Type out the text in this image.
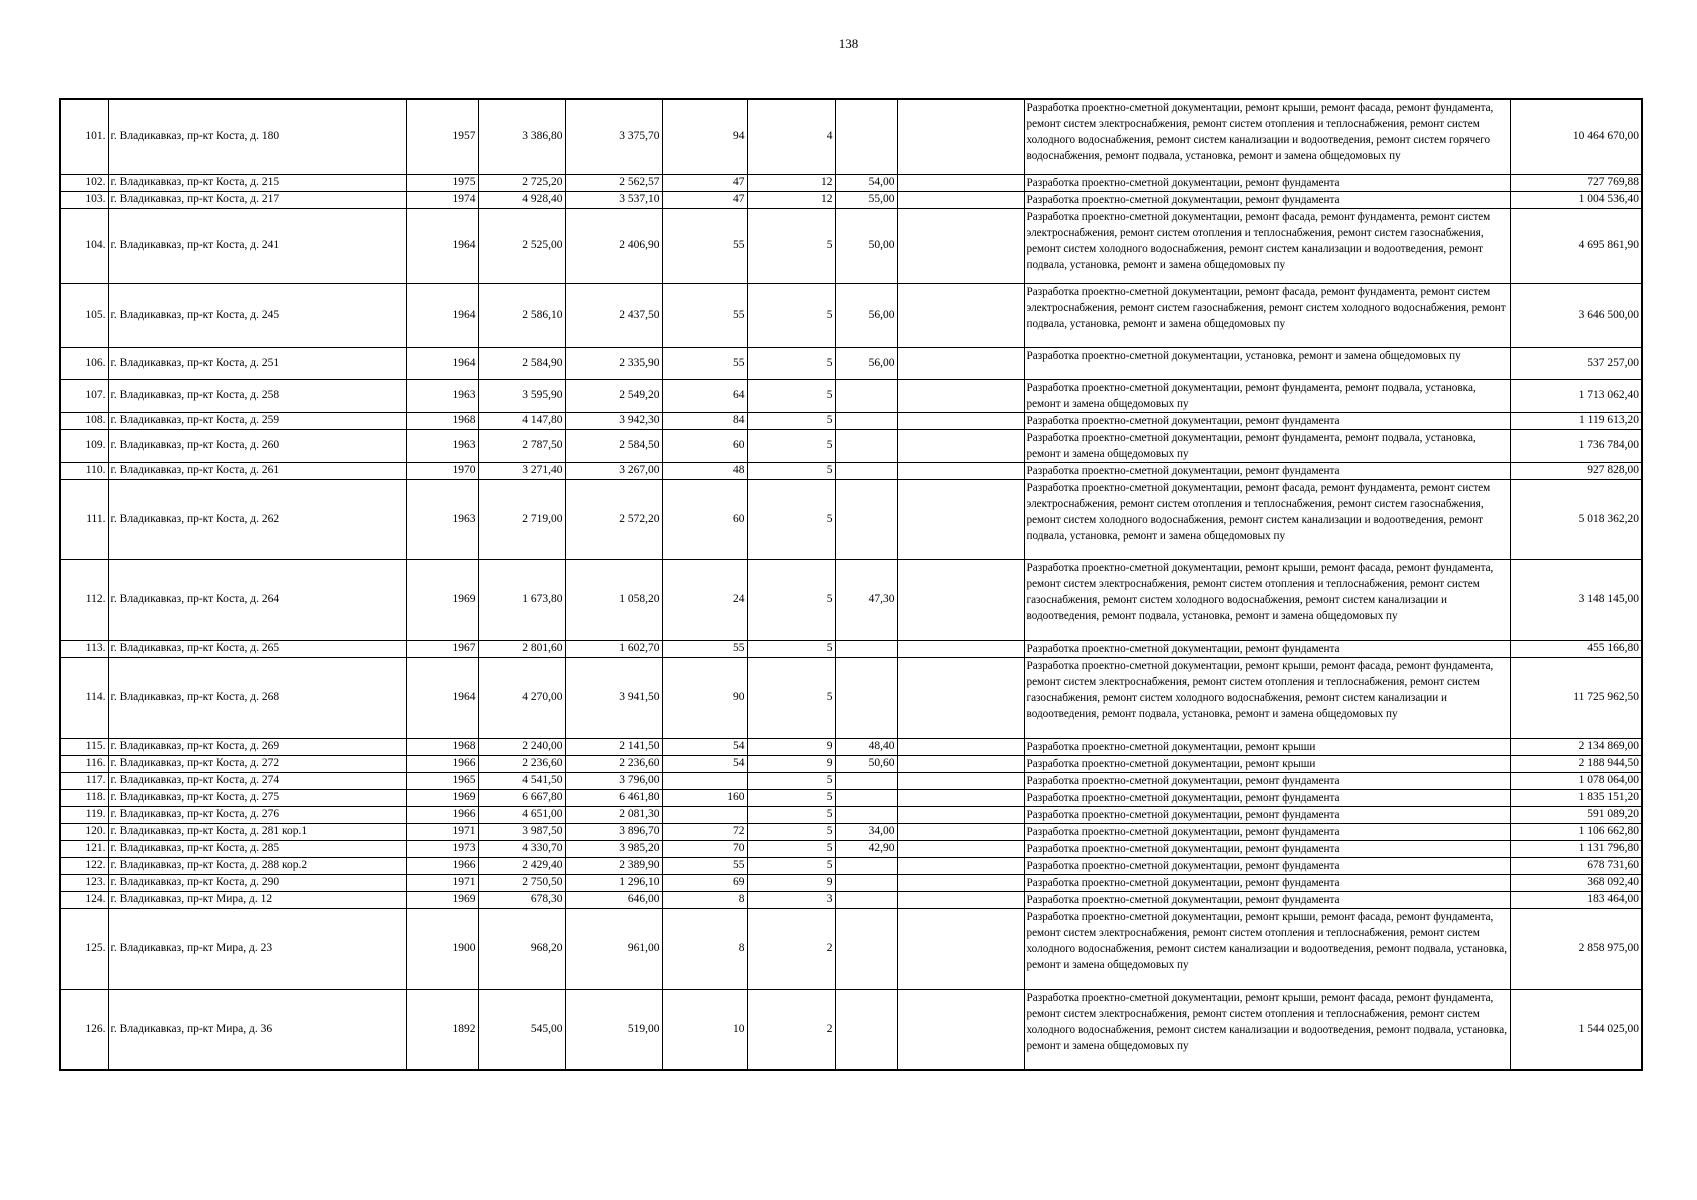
138
101.	г. Владикавказ, пр-кт Коста, д. 180	1957	3 386,80	3 375,70	94	4			Разработка проектно-сметной документации, ремонт крыши, ремонт фасада, ремонт фундамента, ремонт систем электроснабжения, ремонт систем отопления и теплоснабжения, ремонт систем холодного водоснабжения, ремонт систем канализации и водоотведения, ремонт систем горячего водоснабжения, ремонт подвала, установка, ремонт и замена общедомовых пу	10 464 670,00
102.	г. Владикавказ, пр-кт Коста, д. 215	1975	2 725,20	2 562,57	47	12	54,00		Разработка проектно-сметной документации, ремонт фундамента	727 769,88
103.	г. Владикавказ, пр-кт Коста, д. 217	1974	4 928,40	3 537,10	47	12	55,00		Разработка проектно-сметной документации, ремонт фундамента	1 004 536,40
104.	г. Владикавказ, пр-кт Коста, д. 241	1964	2 525,00	2 406,90	55	5	50,00		Разработка проектно-сметной документации, ремонт фасада, ремонт фундамента, ремонт систем электроснабжения, ремонт систем отопления и теплоснабжения, ремонт систем газоснабжения, ремонт систем холодного водоснабжения, ремонт систем канализации и водоотведения, ремонт подвала, установка, ремонт и замена общедомовых пу	4 695 861,90
105.	г. Владикавказ, пр-кт Коста, д. 245	1964	2 586,10	2 437,50	55	5	56,00		Разработка проектно-сметной документации, ремонт фасада, ремонт фундамента, ремонт систем электроснабжения, ремонт систем газоснабжения, ремонт систем холодного водоснабжения, ремонт подвала, установка, ремонт и замена общедомовых пу	3 646 500,00
106.	г. Владикавказ, пр-кт Коста, д. 251	1964	2 584,90	2 335,90	55	5	56,00		Разработка проектно-сметной документации, установка, ремонт и замена общедомовых пу	537 257,00
107.	г. Владикавказ, пр-кт Коста, д. 258	1963	3 595,90	2 549,20	64	5			Разработка проектно-сметной документации, ремонт фундамента, ремонт подвала, установка, ремонт и замена общедомовых пу	1 713 062,40
108.	г. Владикавказ, пр-кт Коста, д. 259	1968	4 147,80	3 942,30	84	5			Разработка проектно-сметной документации, ремонт фундамента	1 119 613,20
109.	г. Владикавказ, пр-кт Коста, д. 260	1963	2 787,50	2 584,50	60	5			Разработка проектно-сметной документации, ремонт фундамента, ремонт подвала, установка, ремонт и замена общедомовых пу	1 736 784,00
110.	г. Владикавказ, пр-кт Коста, д. 261	1970	3 271,40	3 267,00	48	5			Разработка проектно-сметной документации, ремонт фундамента	927 828,00
111.	г. Владикавказ, пр-кт Коста, д. 262	1963	2 719,00	2 572,20	60	5			Разработка проектно-сметной документации, ремонт фасада, ремонт фундамента, ремонт систем электроснабжения, ремонт систем отопления и теплоснабжения, ремонт систем газоснабжения, ремонт систем холодного водоснабжения, ремонт систем канализации и водоотведения, ремонт подвала, установка, ремонт и замена общедомовых пу	5 018 362,20
112.	г. Владикавказ, пр-кт Коста, д. 264	1969	1 673,80	1 058,20	24	5	47,30		Разработка проектно-сметной документации, ремонт крыши, ремонт фасада, ремонт фундамента, ремонт систем электроснабжения, ремонт систем отопления и теплоснабжения, ремонт систем газоснабжения, ремонт систем холодного водоснабжения, ремонт систем канализации и водоотведения, ремонт подвала, установка, ремонт и замена общедомовых пу	3 148 145,00
113.	г. Владикавказ, пр-кт Коста, д. 265	1967	2 801,60	1 602,70	55	5			Разработка проектно-сметной документации, ремонт фундамента	455 166,80
114.	г. Владикавказ, пр-кт Коста, д. 268	1964	4 270,00	3 941,50	90	5			Разработка проектно-сметной документации, ремонт крыши, ремонт фасада, ремонт фундамента, ремонт систем электроснабжения, ремонт систем отопления и теплоснабжения, ремонт систем газоснабжения, ремонт систем холодного водоснабжения, ремонт систем канализации и водоотведения, ремонт подвала, установка, ремонт и замена общедомовых пу	11 725 962,50
115.	г. Владикавказ, пр-кт Коста, д. 269	1968	2 240,00	2 141,50	54	9	48,40		Разработка проектно-сметной документации, ремонт крыши	2 134 869,00
116.	г. Владикавказ, пр-кт Коста, д. 272	1966	2 236,60	2 236,60	54	9	50,60		Разработка проектно-сметной документации, ремонт крыши	2 188 944,50
117.	г. Владикавказ, пр-кт Коста, д. 274	1965	4 541,50	3 796,00		5			Разработка проектно-сметной документации, ремонт фундамента	1 078 064,00
118.	г. Владикавказ, пр-кт Коста, д. 275	1969	6 667,80	6 461,80	160	5			Разработка проектно-сметной документации, ремонт фундамента	1 835 151,20
119.	г. Владикавказ, пр-кт Коста, д. 276	1966	4 651,00	2 081,30		5			Разработка проектно-сметной документации, ремонт фундамента	591 089,20
120.	г. Владикавказ, пр-кт Коста, д. 281 кор.1	1971	3 987,50	3 896,70	72	5	34,00		Разработка проектно-сметной документации, ремонт фундамента	1 106 662,80
121.	г. Владикавказ, пр-кт Коста, д. 285	1973	4 330,70	3 985,20	70	5	42,90		Разработка проектно-сметной документации, ремонт фундамента	1 131 796,80
122.	г. Владикавказ, пр-кт Коста, д. 288 кор.2	1966	2 429,40	2 389,90	55	5			Разработка проектно-сметной документации, ремонт фундамента	678 731,60
123.	г. Владикавказ, пр-кт Коста, д. 290	1971	2 750,50	1 296,10	69	9			Разработка проектно-сметной документации, ремонт фундамента	368 092,40
124.	г. Владикавказ, пр-кт Мира, д. 12	1969	678,30	646,00	8	3			Разработка проектно-сметной документации, ремонт фундамента	183 464,00
125.	г. Владикавказ, пр-кт Мира, д. 23	1900	968,20	961,00	8	2			Разработка проектно-сметной документации, ремонт крыши, ремонт фасада, ремонт фундамента, ремонт систем электроснабжения, ремонт систем отопления и теплоснабжения, ремонт систем холодного водоснабжения, ремонт систем канализации и водоотведения, ремонт подвала, установка, ремонт и замена общедомовых пу	2 858 975,00
126.	г. Владикавказ, пр-кт Мира, д. 36	1892	545,00	519,00	10	2			Разработка проектно-сметной документации, ремонт крыши, ремонт фасада, ремонт фундамента, ремонт систем электроснабжения, ремонт систем отопления и теплоснабжения, ремонт систем холодного водоснабжения, ремонт систем канализации и водоотведения, ремонт подвала, установка, ремонт и замена общедомовых пу	1 544 025,00
